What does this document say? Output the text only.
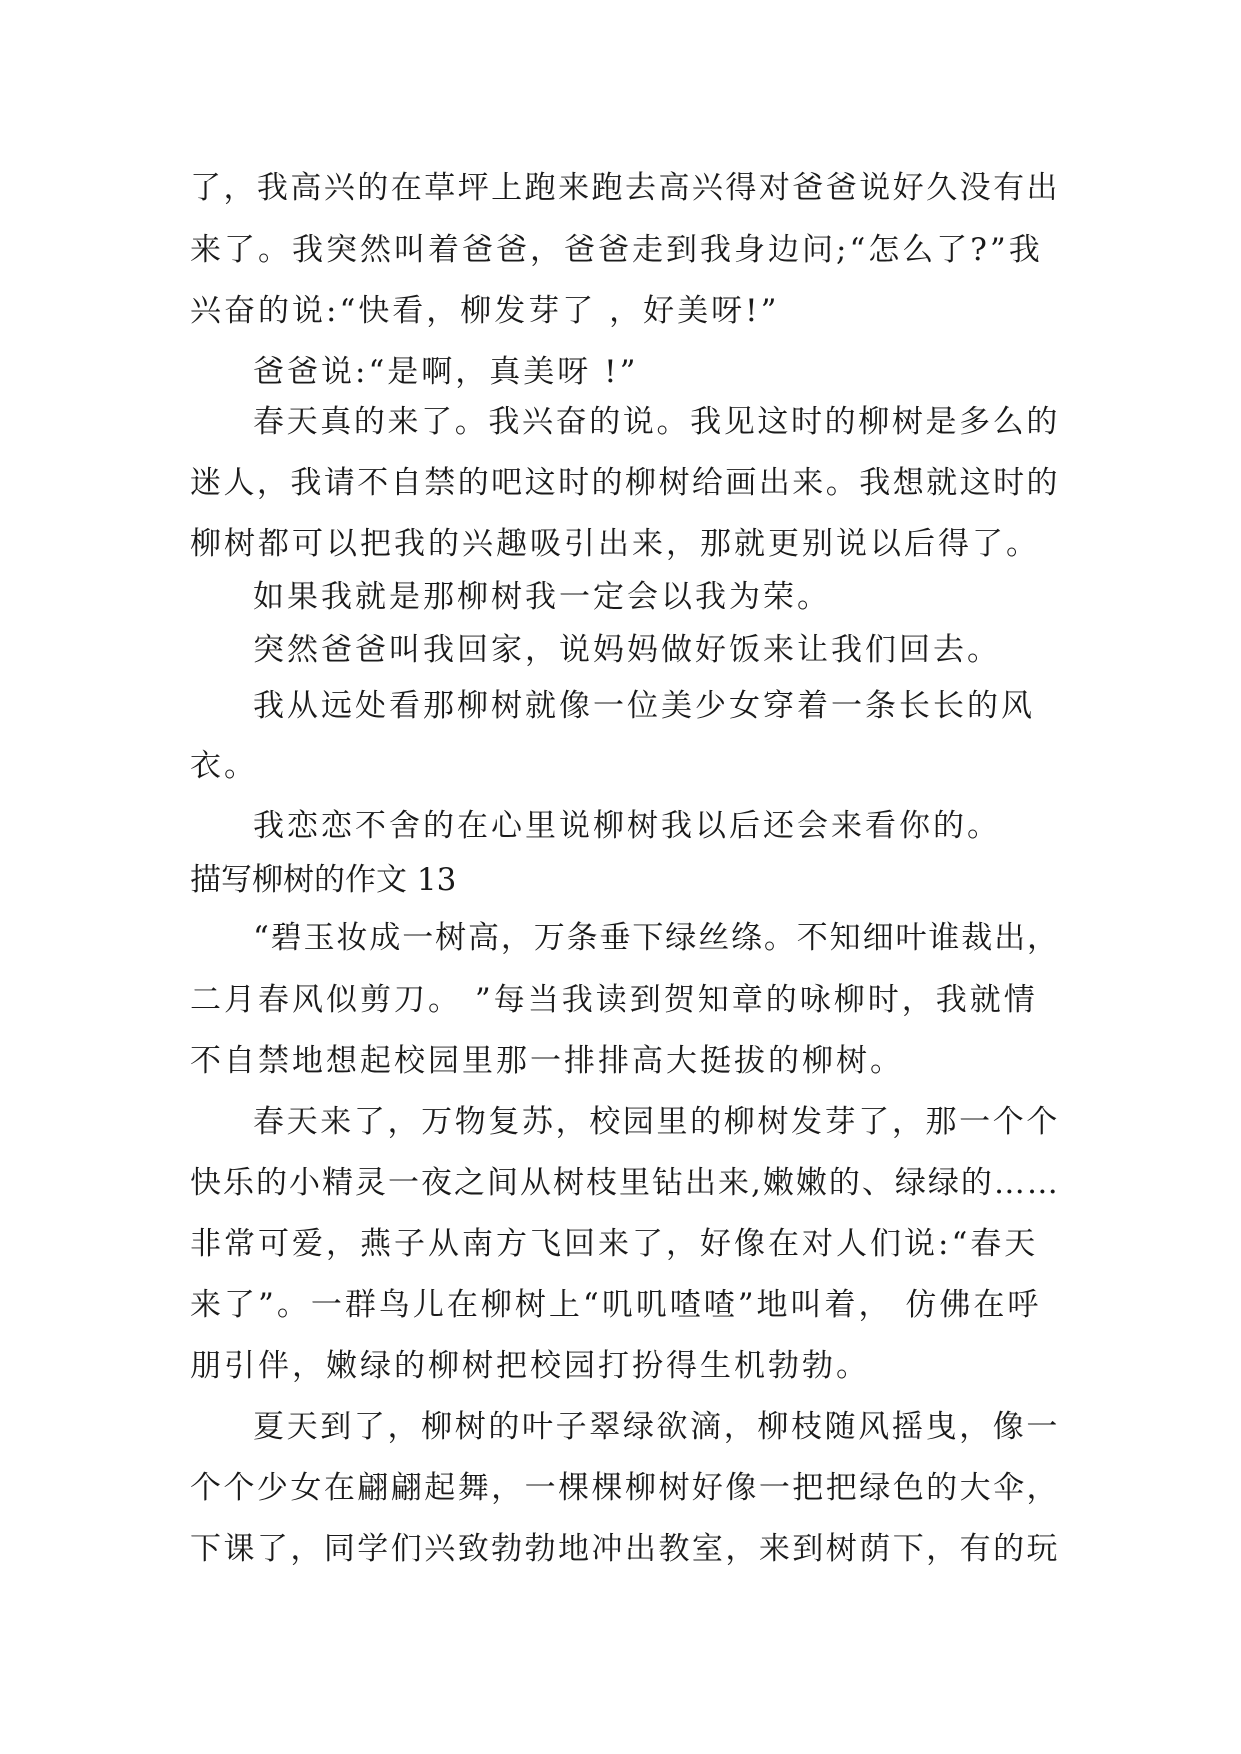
了，我高兴的在草坪上跑来跑去高兴得对爸爸说好久没有出
来了。我突然叫着爸爸，爸爸走到我身边问;“怎么了?”我
兴奋的说:“快看，柳发芽了 ，好美呀!”
爸爸说:“是啊，真美呀 !”
春天真的来了。我兴奋的说。我见这时的柳树是多么的
迷人，我请不自禁的吧这时的柳树给画出来。我想就这时的
柳树都可以把我的兴趣吸引出来，那就更别说以后得了。
如果我就是那柳树我一定会以我为荣。
突然爸爸叫我回家，说妈妈做好饭来让我们回去。
我从远处看那柳树就像一位美少女穿着一条长长的风
衣。
我恋恋不舍的在心里说柳树我以后还会来看你的。
描写柳树的作文 13
“碧玉妆成一树高，万条垂下绿丝绦。不知细叶谁裁出，
二月春风似剪刀。 ”每当我读到贺知章的咏柳时，我就情
不自禁地想起校园里那一排排高大挺拔的柳树。
春天来了，万物复苏，校园里的柳树发芽了，那一个个
快乐的小精灵一夜之间从树枝里钻出来,嫩嫩的、绿绿的……
非常可爱，燕子从南方飞回来了，好像在对人们说:“春天
来了”。一群鸟儿在柳树上“叽叽喳喳”地叫着， 仿佛在呼
朋引伴，嫩绿的柳树把校园打扮得生机勃勃。
夏天到了，柳树的叶子翠绿欲滴，柳枝随风摇曳，像一
个个少女在翩翩起舞，一棵棵柳树好像一把把绿色的大伞，
下课了，同学们兴致勃勃地冲出教室，来到树荫下，有的玩
